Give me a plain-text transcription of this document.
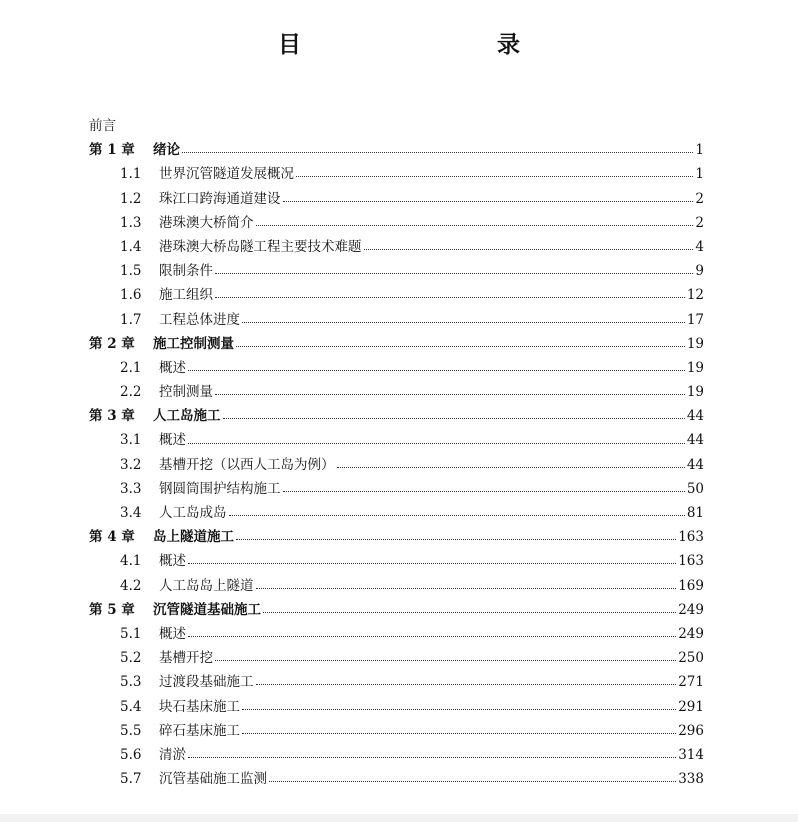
目　　录
前言
第 1 章	绪论	1
1.1	世界沉管隧道发展概况	1
1.2	珠江口跨海通道建设	2
1.3	港珠澳大桥简介	2
1.4	港珠澳大桥岛隧工程主要技术难题	4
1.5	限制条件	9
1.6	施工组织	12
1.7	工程总体进度	17
第 2 章	施工控制测量	19
2.1	概述	19
2.2	控制测量	19
第 3 章	人工岛施工	44
3.1	概述	44
3.2	基槽开挖（以西人工岛为例）	44
3.3	钢圆筒围护结构施工	50
3.4	人工岛成岛	81
第 4 章	岛上隧道施工	163
4.1	概述	163
4.2	人工岛岛上隧道	169
第 5 章	沉管隧道基础施工	249
5.1	概述	249
5.2	基槽开挖	250
5.3	过渡段基础施工	271
5.4	块石基床施工	291
5.5	碎石基床施工	296
5.6	清淤	314
5.7	沉管基础施工监测	338
